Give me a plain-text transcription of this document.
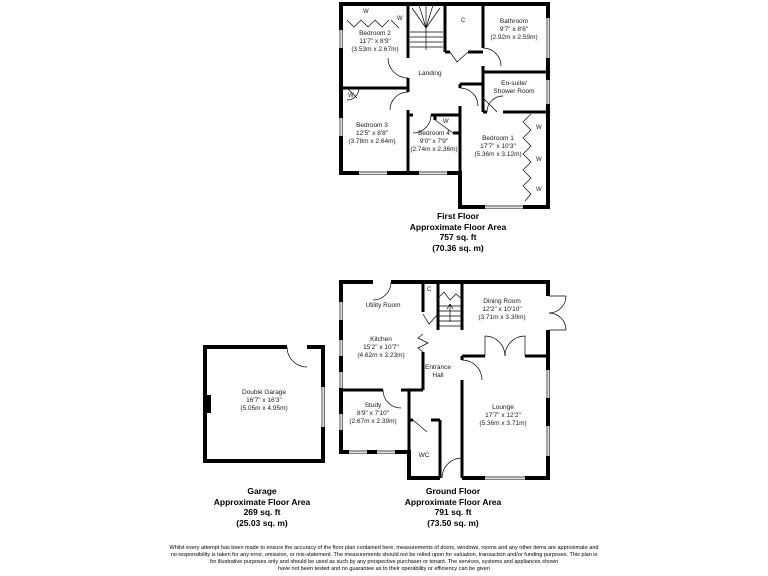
Bedroom 2
11'7" x 8'9"
(3.53m x 2.67m)
Bathroom
9'7" x 8'6"
(2.92m x 2.59m)
En-suite/
Shower Room
Landing
Bedroom 3
12'5" x 8'8"
(3.78m x 2.64m)
Bedroom 4
9'0" x 7'9"
(2.74m x 2.36m)
Bedroom 1
17'7" x 10'3"
(5.36m x 3.12m)
W
W
W
W
W
W
W
C
First Floor
Approximate Floor Area
757 sq. ft
(70.36 sq. m)
Utility Room
Dining Room
12'2" x 10'10"
(3.71m x 3.30m)
Kitchen
15'2" x 10'7"
(4.62m x 3.23m)
Entrance
Hall
Study
8'9" x 7'10"
(2.67m x 2.39m)
WC
Lounge
17'7" x 12'2"
(5.36m x 3.71m)
C
Double Garage
16'7" x 16'3"
(5.05m x 4.95m)
Garage
Approximate Floor Area
269 sq. ft
(25.03 sq. m)
Ground Floor
Approximate Floor Area
791 sq. ft
(73.50 sq. m)
Whilst every attempt has been made to ensure the accuracy of the floor plan contained here, measurements of doors, windows, rooms and any other items are approximate and
no responsibility is taken for any error, omission, or mis-statement. The measurements should not be relied upon for valuation, transaction and/or funding purposes. This plan is
for illustrative purposes only and should be used as such by any prospective purchaser or tenant. The services, systems and appliances shown
have not been tested and no guarantee as to their operability or efficiency can be given
